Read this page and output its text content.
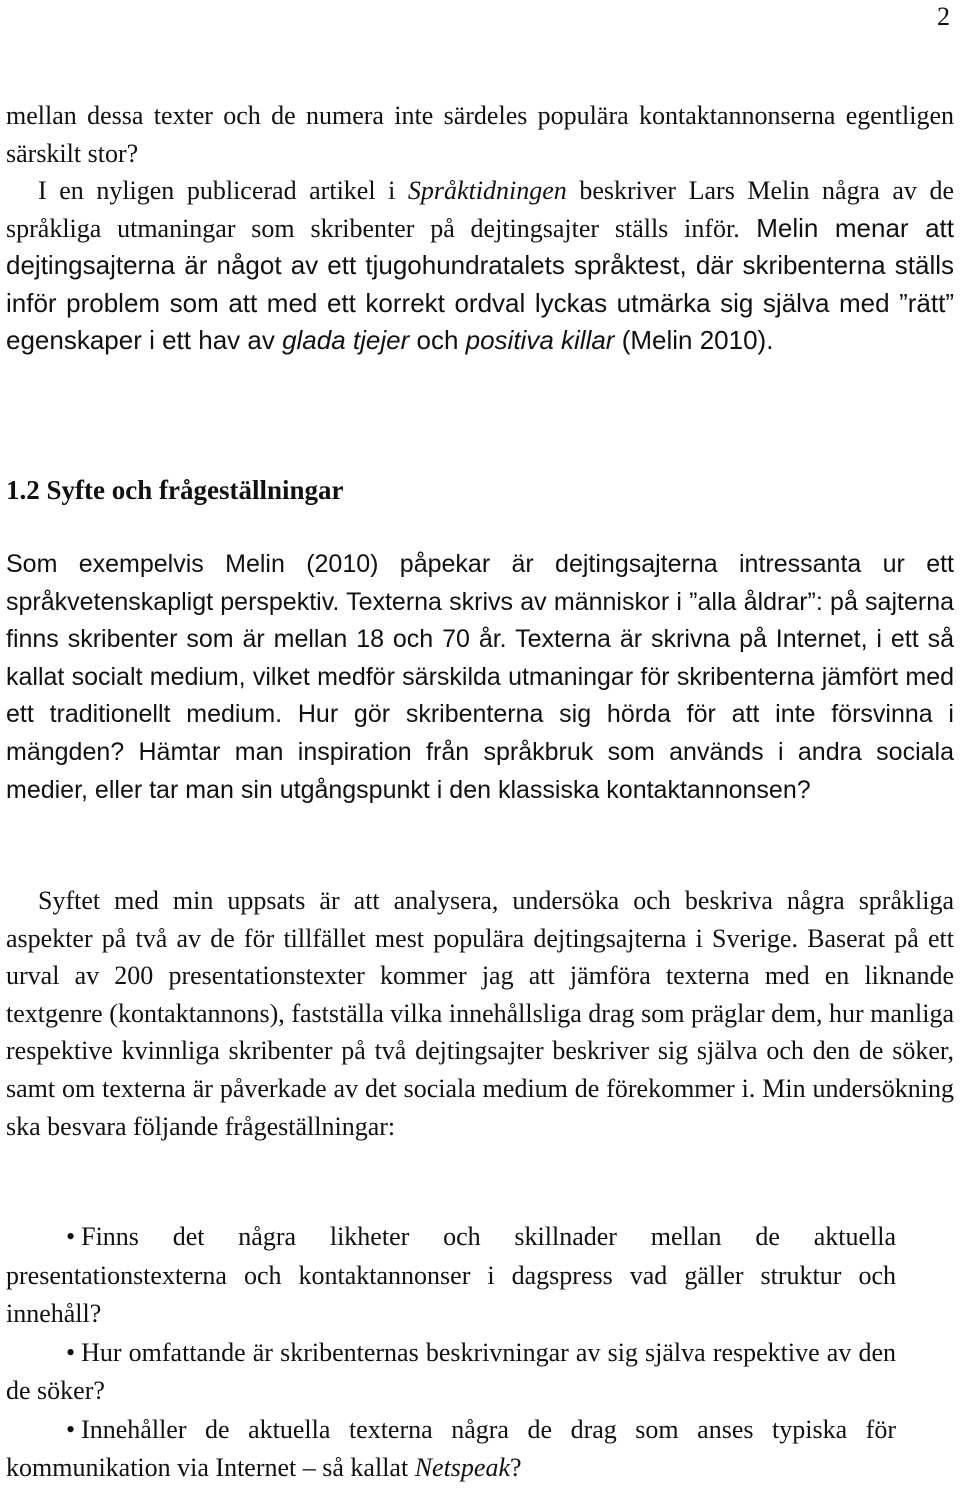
2

mellan dessa texter och de numera inte särdeles populära kontaktannonserna egentligen särskilt stor?

I en nyligen publicerad artikel i Språktidningen beskriver Lars Melin några av de språkliga utmaningar som skribenter på dejtingsajter ställs inför. Melin menar att dejtingsajterna är något av ett tjugohundratalets språktest, där skribenterna ställs inför problem som att med ett korrekt ordval lyckas utmärka sig själva med ”rätt” egenskaper i ett hav av glada tjejer och positiva killar (Melin 2010).

1.2 Syfte och frågeställningar

Som exempelvis Melin (2010) påpekar är dejtingsajterna intressanta ur ett språkvetenskapligt perspektiv. Texterna skrivs av människor i ”alla åldrar”: på sajterna finns skribenter som är mellan 18 och 70 år. Texterna är skrivna på Internet, i ett så kallat socialt medium, vilket medför särskilda utmaningar för skribenterna jämfört med ett traditionellt medium. Hur gör skribenterna sig hörda för att inte försvinna i mängden? Hämtar man inspiration från språkbruk som används i andra sociala medier, eller tar man sin utgångspunkt i den klassiska kontaktannonsen?

Syftet med min uppsats är att analysera, undersöka och beskriva några språkliga aspekter på två av de för tillfället mest populära dejtingsajterna i Sverige. Baserat på ett urval av 200 presentationstexter kommer jag att jämföra texterna med en liknande textgenre (kontaktannons), fastställa vilka innehållsliga drag som präglar dem, hur manliga respektive kvinnliga skribenter på två dejtingsajter beskriver sig själva och den de söker, samt om texterna är påverkade av det sociala medium de förekommer i. Min undersökning ska besvara följande frågeställningar:

• Finns det några likheter och skillnader mellan de aktuella presentationstexterna och kontaktannonser i dagspress vad gäller struktur och innehåll?
• Hur omfattande är skribenternas beskrivningar av sig själva respektive av den de söker?
• Innehåller de aktuella texterna några de drag som anses typiska för kommunikation via Internet – så kallat Netspeak?
